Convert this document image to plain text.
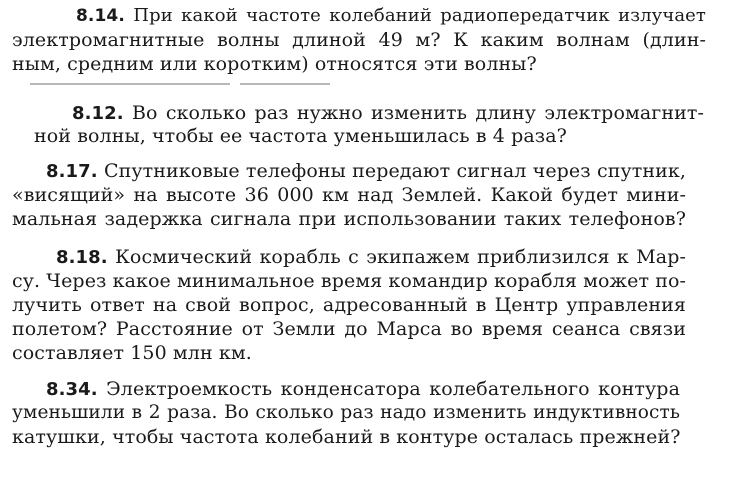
8.14. При какой частоте колебаний радиопередатчик излучает
электромагнитные волны длиной 49 м? К каким волнам (длин-
ным, средним или коротким) относятся эти волны?
8.12. Во сколько раз нужно изменить длину электромагнит-
ной волны, чтобы ее частота уменьшилась в 4 раза?
8.17. Спутниковые телефоны передают сигнал через спутник,
«висящий» на высоте 36 000 км над Землей. Какой будет мини-
мальная задержка сигнала при использовании таких телефонов?
8.18. Космический корабль с экипажем приблизился к Мар-
су. Через какое минимальное время командир корабля может по-
лучить ответ на свой вопрос, адресованный в Центр управления
полетом? Расстояние от Земли до Марса во время сеанса связи
составляет 150 млн км.
8.34. Электроемкость конденсатора колебательного контура
уменьшили в 2 раза. Во сколько раз надо изменить индуктивность
катушки, чтобы частота колебаний в контуре осталась прежней?
